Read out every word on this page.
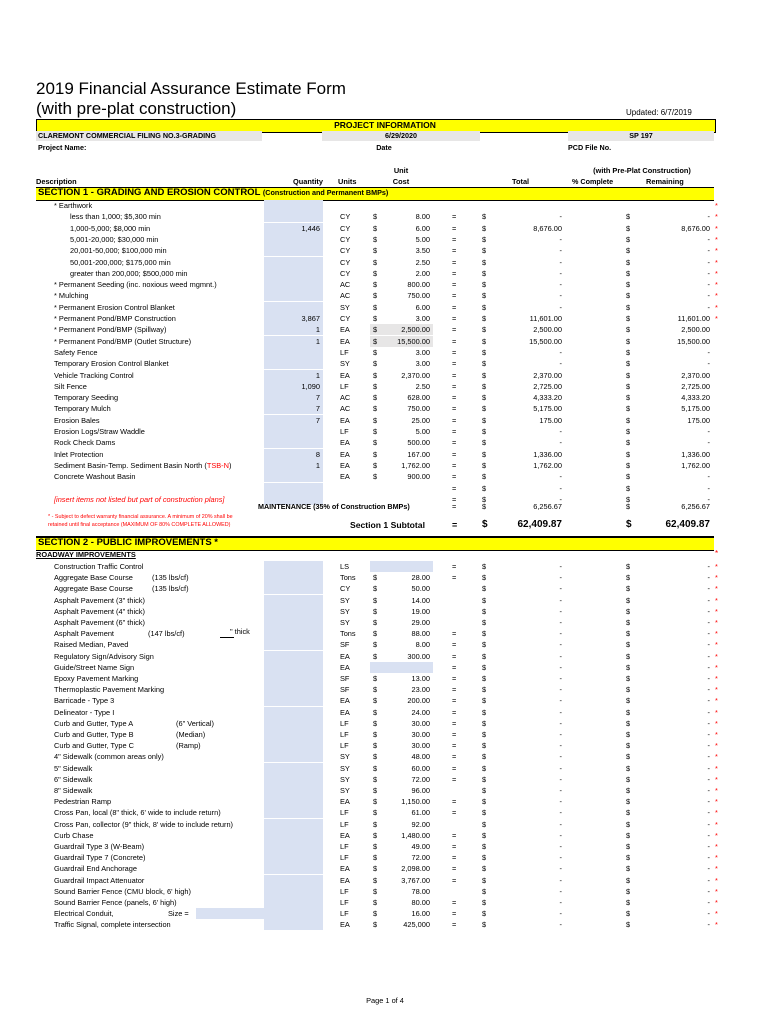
2019 Financial Assurance Estimate Form
(with pre-plat construction)	Updated: 6/7/2019
PROJECT INFORMATION
CLAREMONT COMMERCIAL FILING NO.3-GRADING
Project Name:
6/29/2020
Date
SP 197
PCD File No.
Unit	(with Pre-Plat Construction)
Description	Quantity Units	Cost	Total	% Complete	Remaining
SECTION 1 - GRADING AND EROSION CONTROL (Construction and Permanent BMPs)
* Earthwork	*
less than 1,000; $5,300 min	CY	$	8.00	=	$	-	$	- *
1,000-5,000; $8,000 min	1,446	CY	$	6.00	=	$	8,676.00	$	8,676.00 *
5,001-20,000; $30,000 min	CY	$	5.00	=	$	-	$	- *
20,001-50,000; $100,000 min	CY	$	3.50	=	$	-	$	- *
50,001-200,000; $175,000 min	CY	$	2.50	=	$	-	$	- *
greater than 200,000; $500,000 min	CY	$	2.00	=	$	-	$	- *
* Permanent Seeding (inc. noxious weed mgmnt.)	AC	$	800.00	=	$	-	$	- *
* Mulching	AC	$	750.00	=	$	-	$	- *
* Permanent Erosion Control Blanket	SY	$	6.00	=	$	-	$	- *
* Permanent Pond/BMP Construction	3,867	CY	$	3.00	=	$	11,601.00	$	11,601.00 *
* Permanent Pond/BMP (Spillway)	1	EA	$	2,500.00	=	$	2,500.00	$	2,500.00
* Permanent Pond/BMP (Outlet Structure)	1	EA	$	15,500.00	=	$	15,500.00	$	15,500.00
Safety Fence	LF	$	3.00	=	$	-	$	-
Temporary Erosion Control Blanket	SY	$	3.00	=	$	-	$	-
Vehicle Tracking Control	1	EA	$	2,370.00	=	$	2,370.00	$	2,370.00
Silt Fence	1,090	LF	$	2.50	=	$	2,725.00	$	2,725.00
Temporary Seeding	7	AC	$	628.00	=	$	4,333.20	$	4,333.20
Temporary Mulch	7	AC	$	750.00	=	$	5,175.00	$	5,175.00
Erosion Bales	7	EA	$	25.00	=	$	175.00	$	175.00
Erosion Logs/Straw Waddle	LF	$	5.00	=	$	-	$	-
Rock Check Dams	EA	$	500.00	=	$	-	$	-
Inlet Protection	8	EA	$	167.00	=	$	1,336.00	$	1,336.00
Sediment Basin-Temp. Sediment Basin North (TSB-N)	1	EA	$	1,762.00	=	$	1,762.00	$	1,762.00
Concrete Washout Basin	EA	$	900.00	=	$	-	$	-
=	$	-	$	-
[insert items not listed but part of construction plans]	=	$	-	$	-
MAINTENANCE (35% of Construction BMPs)	=	$	6,256.67	$	6,256.67
* - Subject to defect warranty financial assurance. A minimum of 20% shall be
retained until final acceptance (MAXIMUM OF 80% COMPLETE ALLOWED)	Section 1 Subtotal	= $	62,409.87	$	62,409.87
SECTION 2 - PUBLIC IMPROVEMENTS *
*
ROADWAY IMPROVEMENTS
Construction Traffic Control	LS	=	$	-	$	- *
Aggregate Base Course	(135 lbs/cf)	Tons $	28.00	=	$	-	$	- *
Aggregate Base Course	(135 lbs/cf)	CY	$	50.00	$	-	$	- *
Asphalt Pavement (3" thick)	SY	$	14.00	$	-	$	- *
Asphalt Pavement (4" thick)	SY	$	19.00	$	-	$	- *
Asphalt Pavement (6" thick)	SY	$	29.00	$	-	$	- *
Asphalt Pavement	(147 lbs/cf)	" thick	Tons $	88.00	=	$	-	$	- *
Raised Median, Paved	SF	$	8.00	=	$	-	$	- *
Regulatory Sign/Advisory Sign	EA	$	300.00	=	$	-	$	- *
Guide/Street Name Sign	EA	=	$	-	$	- *
Epoxy Pavement Marking	SF	$	13.00	=	$	-	$	- *
Thermoplastic Pavement Marking	SF	$	23.00	=	$	-	$	- *
Barricade - Type 3	EA	$	200.00	=	$	-	$	- *
Delineator - Type I	EA	$	24.00	=	$	-	$	- *
Curb and Gutter, Type A	(6" Vertical)	LF	$	30.00	=	$	-	$	- *
Curb and Gutter, Type B	(Median)	LF	$	30.00	=	$	-	$	- *
Curb and Gutter, Type C	(Ramp)	LF	$	30.00	=	$	-	$	- *
4" Sidewalk (common areas only)	SY	$	48.00	=	$	-	$	- *
5" Sidewalk	SY	$	60.00	=	$	-	$	- *
6" Sidewalk	SY	$	72.00	=	$	-	$	- *
8" Sidewalk	SY	$	96.00	$	-	$	- *
Pedestrian Ramp	EA	$	1,150.00	=	$	-	$	- *
Cross Pan, local (8" thick, 6' wide to include return)	LF	$	61.00	=	$	-	$	- *
Cross Pan, collector (9" thick, 8' wide to include return)	LF	$	92.00	$	-	$	- *
Curb Chase	EA	$	1,480.00	=	$	-	$	- *
Guardrail Type 3 (W-Beam)	LF	$	49.00	=	$	-	$	- *
Guardrail Type 7 (Concrete)	LF	$	72.00	=	$	-	$	- *
Guardrail End Anchorage	EA	$	2,098.00	=	$	-	$	- *
Guardrail Impact Attenuator	EA	$	3,767.00	=	$	-	$	- *
Sound Barrier Fence (CMU block, 6' high)	LF	$	78.00	$	-	$	- *
Sound Barrier Fence (panels, 6' high)	LF	$	80.00	=	$	-	$	- *
Electrical Conduit,	Size =	LF	$	16.00	=	$	-	$	- *
Traffic Signal, complete intersection	EA	$	425,000	=	$	-	$	- *
Page 1 of 4
